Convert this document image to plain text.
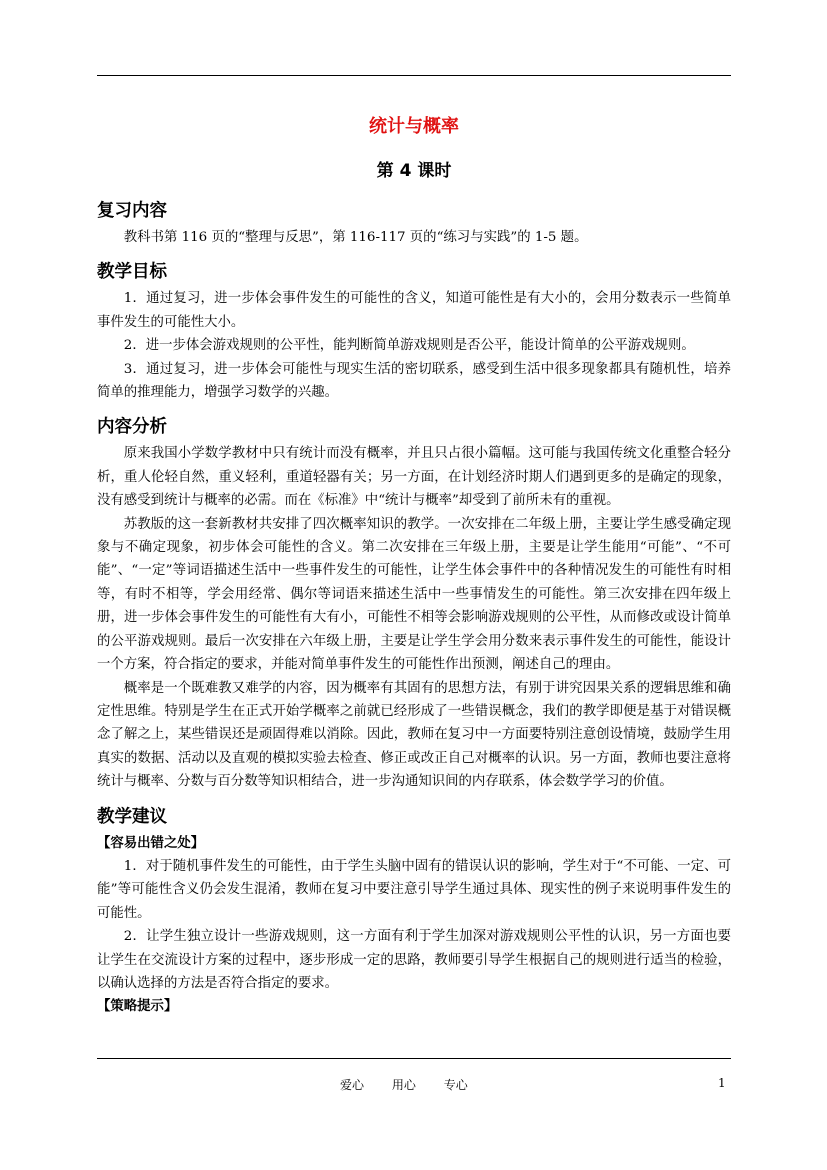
统计与概率
第 4 课时
复习内容

教科书第 116 页的“整理与反思”，第 116-117 页的“练习与实践”的 1-5 题。

教学目标

1．通过复习，进一步体会事件发生的可能性的含义，知道可能性是有大小的，会用分数表示一些简单事件发生的可能性大小。

2．进一步体会游戏规则的公平性，能判断简单游戏规则是否公平，能设计简单的公平游戏规则。

3．通过复习，进一步体会可能性与现实生活的密切联系，感受到生活中很多现象都具有随机性，培养简单的推理能力，增强学习数学的兴趣。

内容分析

原来我国小学数学教材中只有统计而没有概率，并且只占很小篇幅。这可能与我国传统文化重整合轻分析，重人伦轻自然，重义轻利，重道轻器有关；另一方面，在计划经济时期人们遇到更多的是确定的现象，没有感受到统计与概率的必需。而在《标准》中“统计与概率”却受到了前所未有的重视。

苏教版的这一套新教材共安排了四次概率知识的教学。一次安排在二年级上册，主要让学生感受确定现象与不确定现象，初步体会可能性的含义。第二次安排在三年级上册，主要是让学生能用“可能”、“不可能”、“一定”等词语描述生活中一些事件发生的可能性，让学生体会事件中的各种情况发生的可能性有时相等，有时不相等，学会用经常、偶尔等词语来描述生活中一些事情发生的可能性。第三次安排在四年级上册，进一步体会事件发生的可能性有大有小，可能性不相等会影响游戏规则的公平性，从而修改或设计简单的公平游戏规则。最后一次安排在六年级上册，主要是让学生学会用分数来表示事件发生的可能性，能设计一个方案，符合指定的要求，并能对简单事件发生的可能性作出预测，阐述自己的理由。

概率是一个既难教又难学的内容，因为概率有其固有的思想方法，有别于讲究因果关系的逻辑思维和确定性思维。特别是学生在正式开始学概率之前就已经形成了一些错误概念，我们的教学即便是基于对错误概念了解之上，某些错误还是顽固得难以消除。因此，教师在复习中一方面要特别注意创设情境，鼓励学生用真实的数据、活动以及直观的模拟实验去检查、修正或改正自己对概率的认识。另一方面，教师也要注意将统计与概率、分数与百分数等知识相结合，进一步沟通知识间的内存联系，体会数学学习的价值。

教学建议

【容易出错之处】

1．对于随机事件发生的可能性，由于学生头脑中固有的错误认识的影响，学生对于“不可能、一定、可能”等可能性含义仍会发生混淆，教师在复习中要注意引导学生通过具体、现实性的例子来说明事件发生的可能性。

2．让学生独立设计一些游戏规则，这一方面有利于学生加深对游戏规则公平性的认识，另一方面也要让学生在交流设计方案的过程中，逐步形成一定的思路，教师要引导学生根据自己的规则进行适当的检验，以确认选择的方法是否符合指定的要求。

【策略提示】

爱心 用心 专心	1
